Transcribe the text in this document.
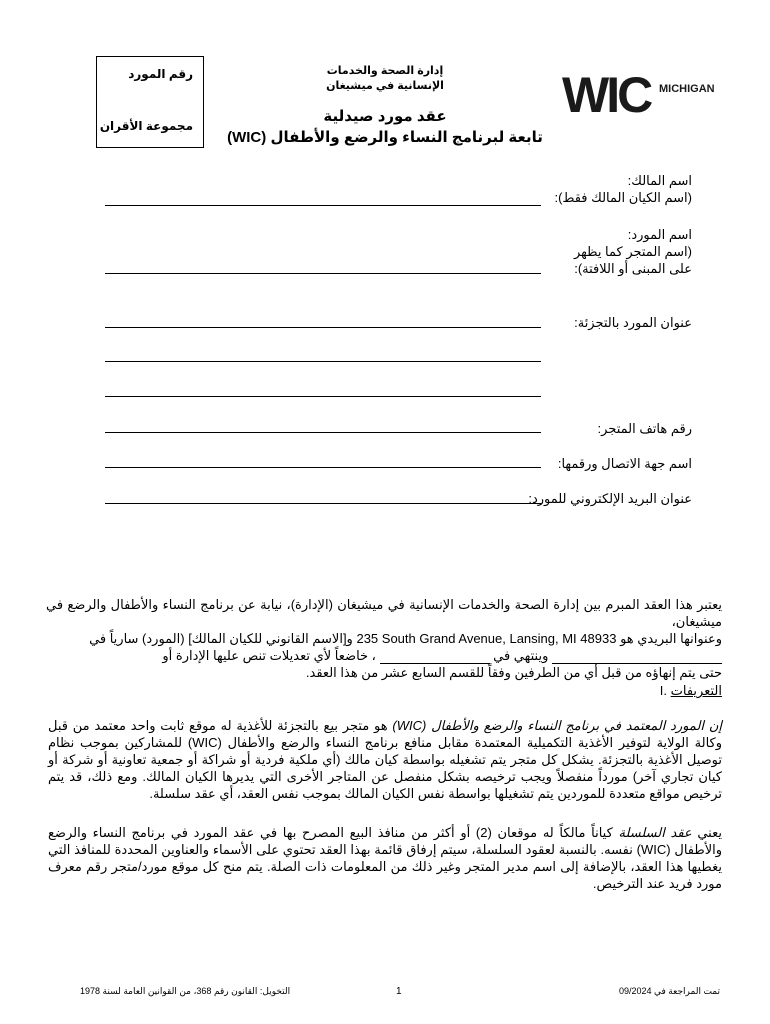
رقم المورد
مجموعة الأقران
إدارة الصحة والخدمات
الإنسانية في ميشيغان
عقد مورد صيدلية
تابعة لبرنامج النساء والرضع والأطفال (WIC)
WIC MICHIGAN
اسم المالك:
(اسم الكيان المالك فقط):
اسم المورد:
(اسم المتجر كما يظهر
على المبنى أو اللافتة):
عنوان المورد بالتجزئة:
رقم هاتف المتجر:
اسم جهة الاتصال ورقمها:
عنوان البريد الإلكتروني للمورد:

يعتبر هذا العقد المبرم بين إدارة الصحة والخدمات الإنسانية في ميشيغان (الإدارة)، نيابة عن برنامج النساء والأطفال والرضع في ميشيغان،

وعنوانها البريدي هو 235 South Grand Avenue, Lansing, MI 48933 و[الاسم القانوني للكيان المالك] (المورد) سارياً في

وينتهي في  ، خاضعاً لأي تعديلات تنص عليها الإدارة أو

حتى يتم إنهاؤه من قبل أي من الطرفين وفقاً للقسم السابع عشر من هذا العقد.

التعريفات I.

إن المورد المعتمد في برنامج النساء والرضع والأطفال (WIC) هو متجر بيع بالتجزئة للأغذية له موقع ثابت واحد معتمد من قبل وكالة الولاية لتوفير الأغذية التكميلية المعتمدة مقابل منافع برنامج النساء والرضع والأطفال (WIC) للمشاركين بموجب نظام توصيل الأغذية بالتجزئة. يشكل كل متجر يتم تشغيله بواسطة كيان مالك (أي ملكية فردية أو شراكة أو جمعية تعاونية أو شركة أو كيان تجاري آخر) مورداً منفصلاً ويجب ترخيصه بشكل منفصل عن المتاجر الأخرى التي يديرها الكيان المالك. ومع ذلك، قد يتم ترخيص مواقع متعددة للموردين يتم تشغيلها بواسطة نفس الكيان المالك بموجب نفس العقد، أي عقد سلسلة.

يعني عقد السلسلة كياناً مالكاً له موقعان (2) أو أكثر من منافذ البيع المصرح بها في عقد المورد في برنامج النساء والرضع والأطفال (WIC) نفسه. بالنسبة لعقود السلسلة، سيتم إرفاق قائمة بهذا العقد تحتوي على الأسماء والعناوين المحددة للمنافذ التي يغطيها هذا العقد، بالإضافة إلى اسم مدير المتجر وغير ذلك من المعلومات ذات الصلة. يتم منح كل موقع مورد/متجر رقم معرف مورد فريد عند الترخيص.

تمت المراجعة في 09/2024
1
التخويل: القانون رقم 368، من القوانين العامة لسنة 1978
